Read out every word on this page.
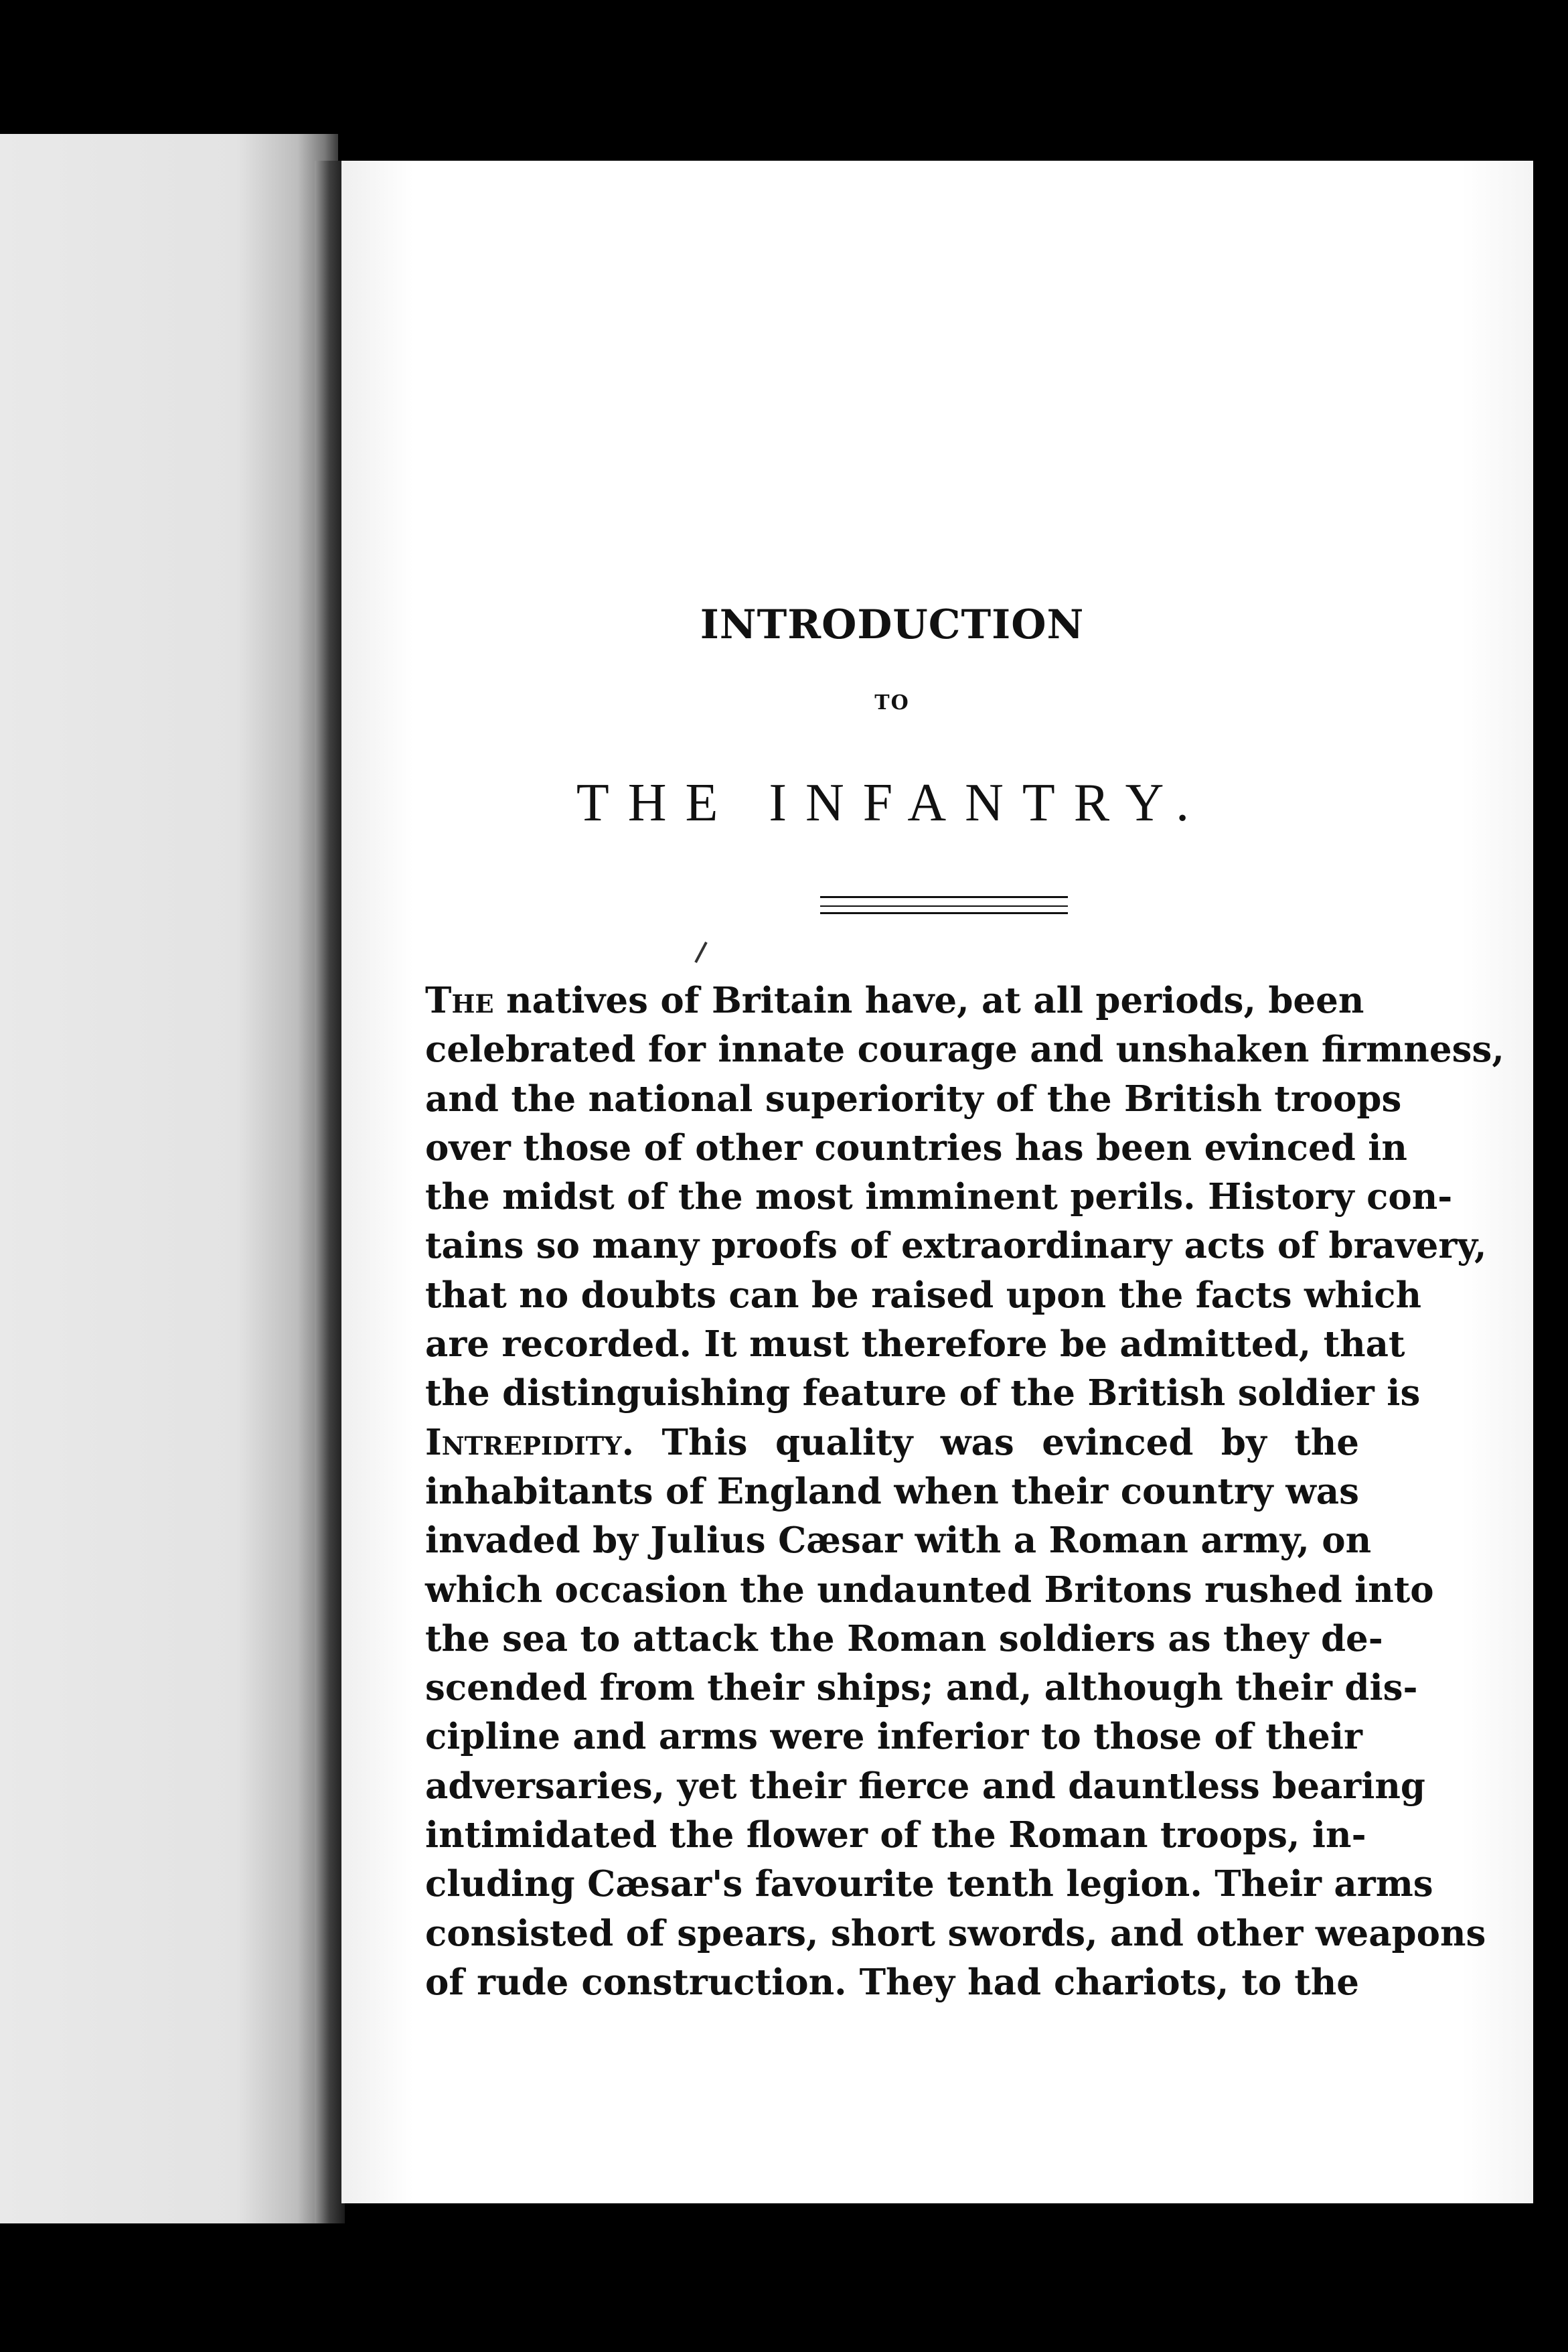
INTRODUCTION
TO
THE INFANTRY.
The natives of Britain have, at all periods, been
celebrated for innate courage and unshaken firmness,
and the national superiority of the British troops
over those of other countries has been evinced in
the midst of the most imminent perils. History con-
tains so many proofs of extraordinary acts of bravery,
that no doubts can be raised upon the facts which
are recorded. It must therefore be admitted, that
the distinguishing feature of the British soldier is
Intrepidity. This quality was evinced by the
inhabitants of England when their country was
invaded by Julius Cæsar with a Roman army, on
which occasion the undaunted Britons rushed into
the sea to attack the Roman soldiers as they de-
scended from their ships; and, although their dis-
cipline and arms were inferior to those of their
adversaries, yet their fierce and dauntless bearing
intimidated the flower of the Roman troops, in-
cluding Cæsar's favourite tenth legion. Their arms
consisted of spears, short swords, and other weapons
of rude construction. They had chariots, to the
